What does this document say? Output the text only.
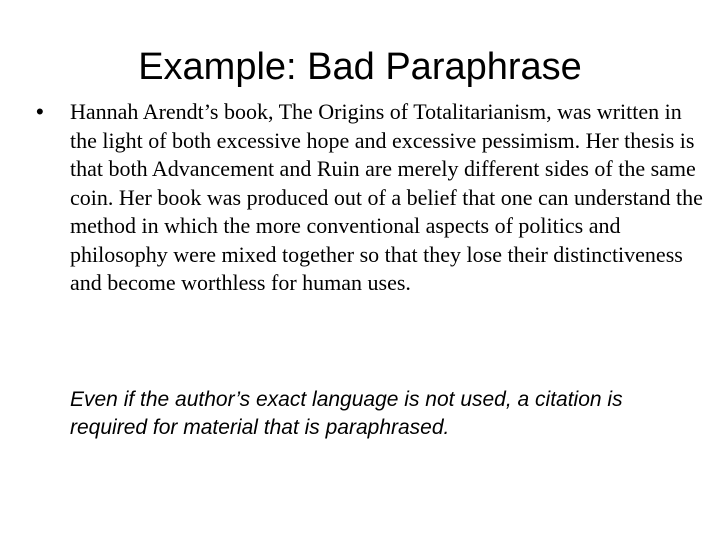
Example: Bad Paraphrase
• Hannah Arendt’s book, The Origins of Totalitarianism, was written in the light of both excessive hope and excessive pessimism. Her thesis is that both Advancement and Ruin are merely different sides of the same coin. Her book was produced out of a belief that one can understand the method in which the more conventional aspects of politics and philosophy were mixed together so that they lose their distinctiveness and become worthless for human uses.

Even if the author’s exact language is not used, a citation is required for material that is paraphrased.
